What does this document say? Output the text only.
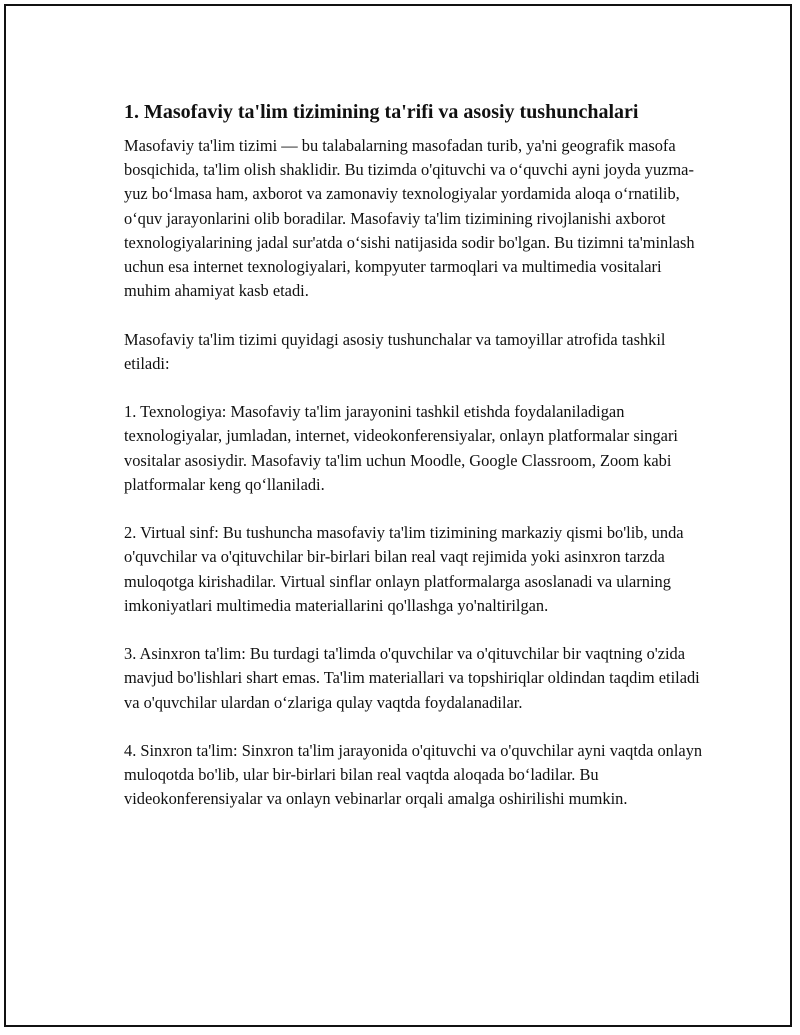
1. Masofaviy ta'lim tizimining ta'rifi va asosiy tushunchalari

Masofaviy ta'lim tizimi — bu talabalarning masofadan turib, ya'ni geografik masofa bosqichida, ta'lim olish shaklidir. Bu tizimda o'qituvchi va o‘quvchi ayni joyda yuzma-yuz bo‘lmasa ham, axborot va zamonaviy texnologiyalar yordamida aloqa o‘rnatilib, o‘quv jarayonlarini olib boradilar. Masofaviy ta'lim tizimining rivojlanishi axborot texnologiyalarining jadal sur'atda o‘sishi natijasida sodir bo'lgan. Bu tizimni ta'minlash uchun esa internet texnologiyalari, kompyuter tarmoqlari va multimedia vositalari muhim ahamiyat kasb etadi.

Masofaviy ta'lim tizimi quyidagi asosiy tushunchalar va tamoyillar atrofida tashkil etiladi:

1. Texnologiya: Masofaviy ta'lim jarayonini tashkil etishda foydalaniladigan texnologiyalar, jumladan, internet, videokonferensiyalar, onlayn platformalar singari vositalar asosiydir. Masofaviy ta'lim uchun Moodle, Google Classroom, Zoom kabi platformalar keng qo‘llaniladi.

2. Virtual sinf: Bu tushuncha masofaviy ta'lim tizimining markaziy qismi bo'lib, unda o'quvchilar va o'qituvchilar bir-birlari bilan real vaqt rejimida yoki asinxron tarzda muloqotga kirishadilar. Virtual sinflar onlayn platformalarga asoslanadi va ularning imkoniyatlari multimedia materiallarini qo'llashga yo'naltirilgan.

3. Asinxron ta'lim: Bu turdagi ta'limda o'quvchilar va o'qituvchilar bir vaqtning o'zida mavjud bo'lishlari shart emas. Ta'lim materiallari va topshiriqlar oldindan taqdim etiladi va o'quvchilar ulardan o‘zlariga qulay vaqtda foydalanadilar.

4. Sinxron ta'lim: Sinxron ta'lim jarayonida o'qituvchi va o'quvchilar ayni vaqtda onlayn muloqotda bo'lib, ular bir-birlari bilan real vaqtda aloqada bo‘ladilar. Bu videokonferensiyalar va onlayn vebinarlar orqali amalga oshirilishi mumkin.
